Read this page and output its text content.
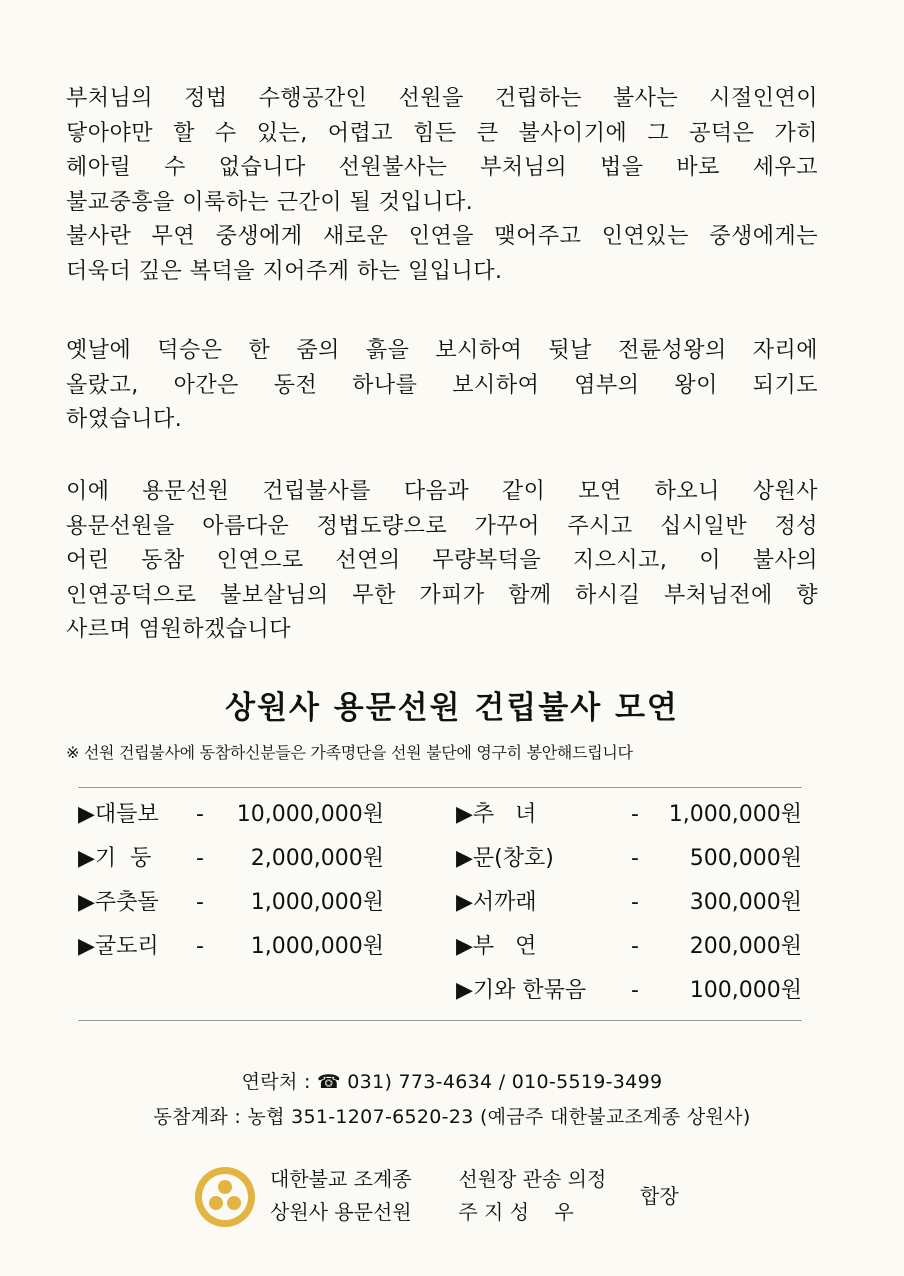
부처님의 정법 수행공간인 선원을 건립하는 불사는 시절인연이
닿아야만 할 수 있는, 어렵고 힘든 큰 불사이기에 그 공덕은 가히
헤아릴 수 없습니다 선원불사는 부처님의 법을 바로 세우고
불교중흥을 이룩하는 근간이 될 것입니다.
불사란 무연 중생에게 새로운 인연을 맺어주고 인연있는 중생에게는
더욱더 깊은 복덕을 지어주게 하는 일입니다.
옛날에 덕승은 한 줌의 흙을 보시하여 뒷날 전륜성왕의 자리에
올랐고, 아간은 동전 하나를 보시하여 염부의 왕이 되기도
하였습니다.
이에 용문선원 건립불사를 다음과 같이 모연 하오니 상원사
용문선원을 아름다운 정법도량으로 가꾸어 주시고 십시일반 정성
어린 동참 인연으로 선연의 무량복덕을 지으시고, 이 불사의
인연공덕으로 불보살님의 무한 가피가 함께 하시길 부처님전에 향
사르며 염원하겠습니다
상원사 용문선원 건립불사 모연
※ 선원 건립불사에 동참하신분들은 가족명단을 선원 불단에 영구히 봉안해드립니다
▶대들보 -	10,000,000원
▶기  둥 -	2,000,000원
▶주춧돌 -	1,000,000원
▶굴도리 -	1,000,000원
▶추   녀	-	1,000,000원
▶문(창호)	-	500,000원
▶서까래	-	300,000원
▶부   연	-	200,000원
▶기와 한묶음 -	100,000원
연락처 : ☎ 031) 773-4634 / 010-5519-3499
동참계좌 : 농협 351-1207-6520-23 (예금주 대한불교조계종 상원사)
대한불교 조계종 선원장 관송 의정
상원사 용문선원 주 지 성    우
합장
